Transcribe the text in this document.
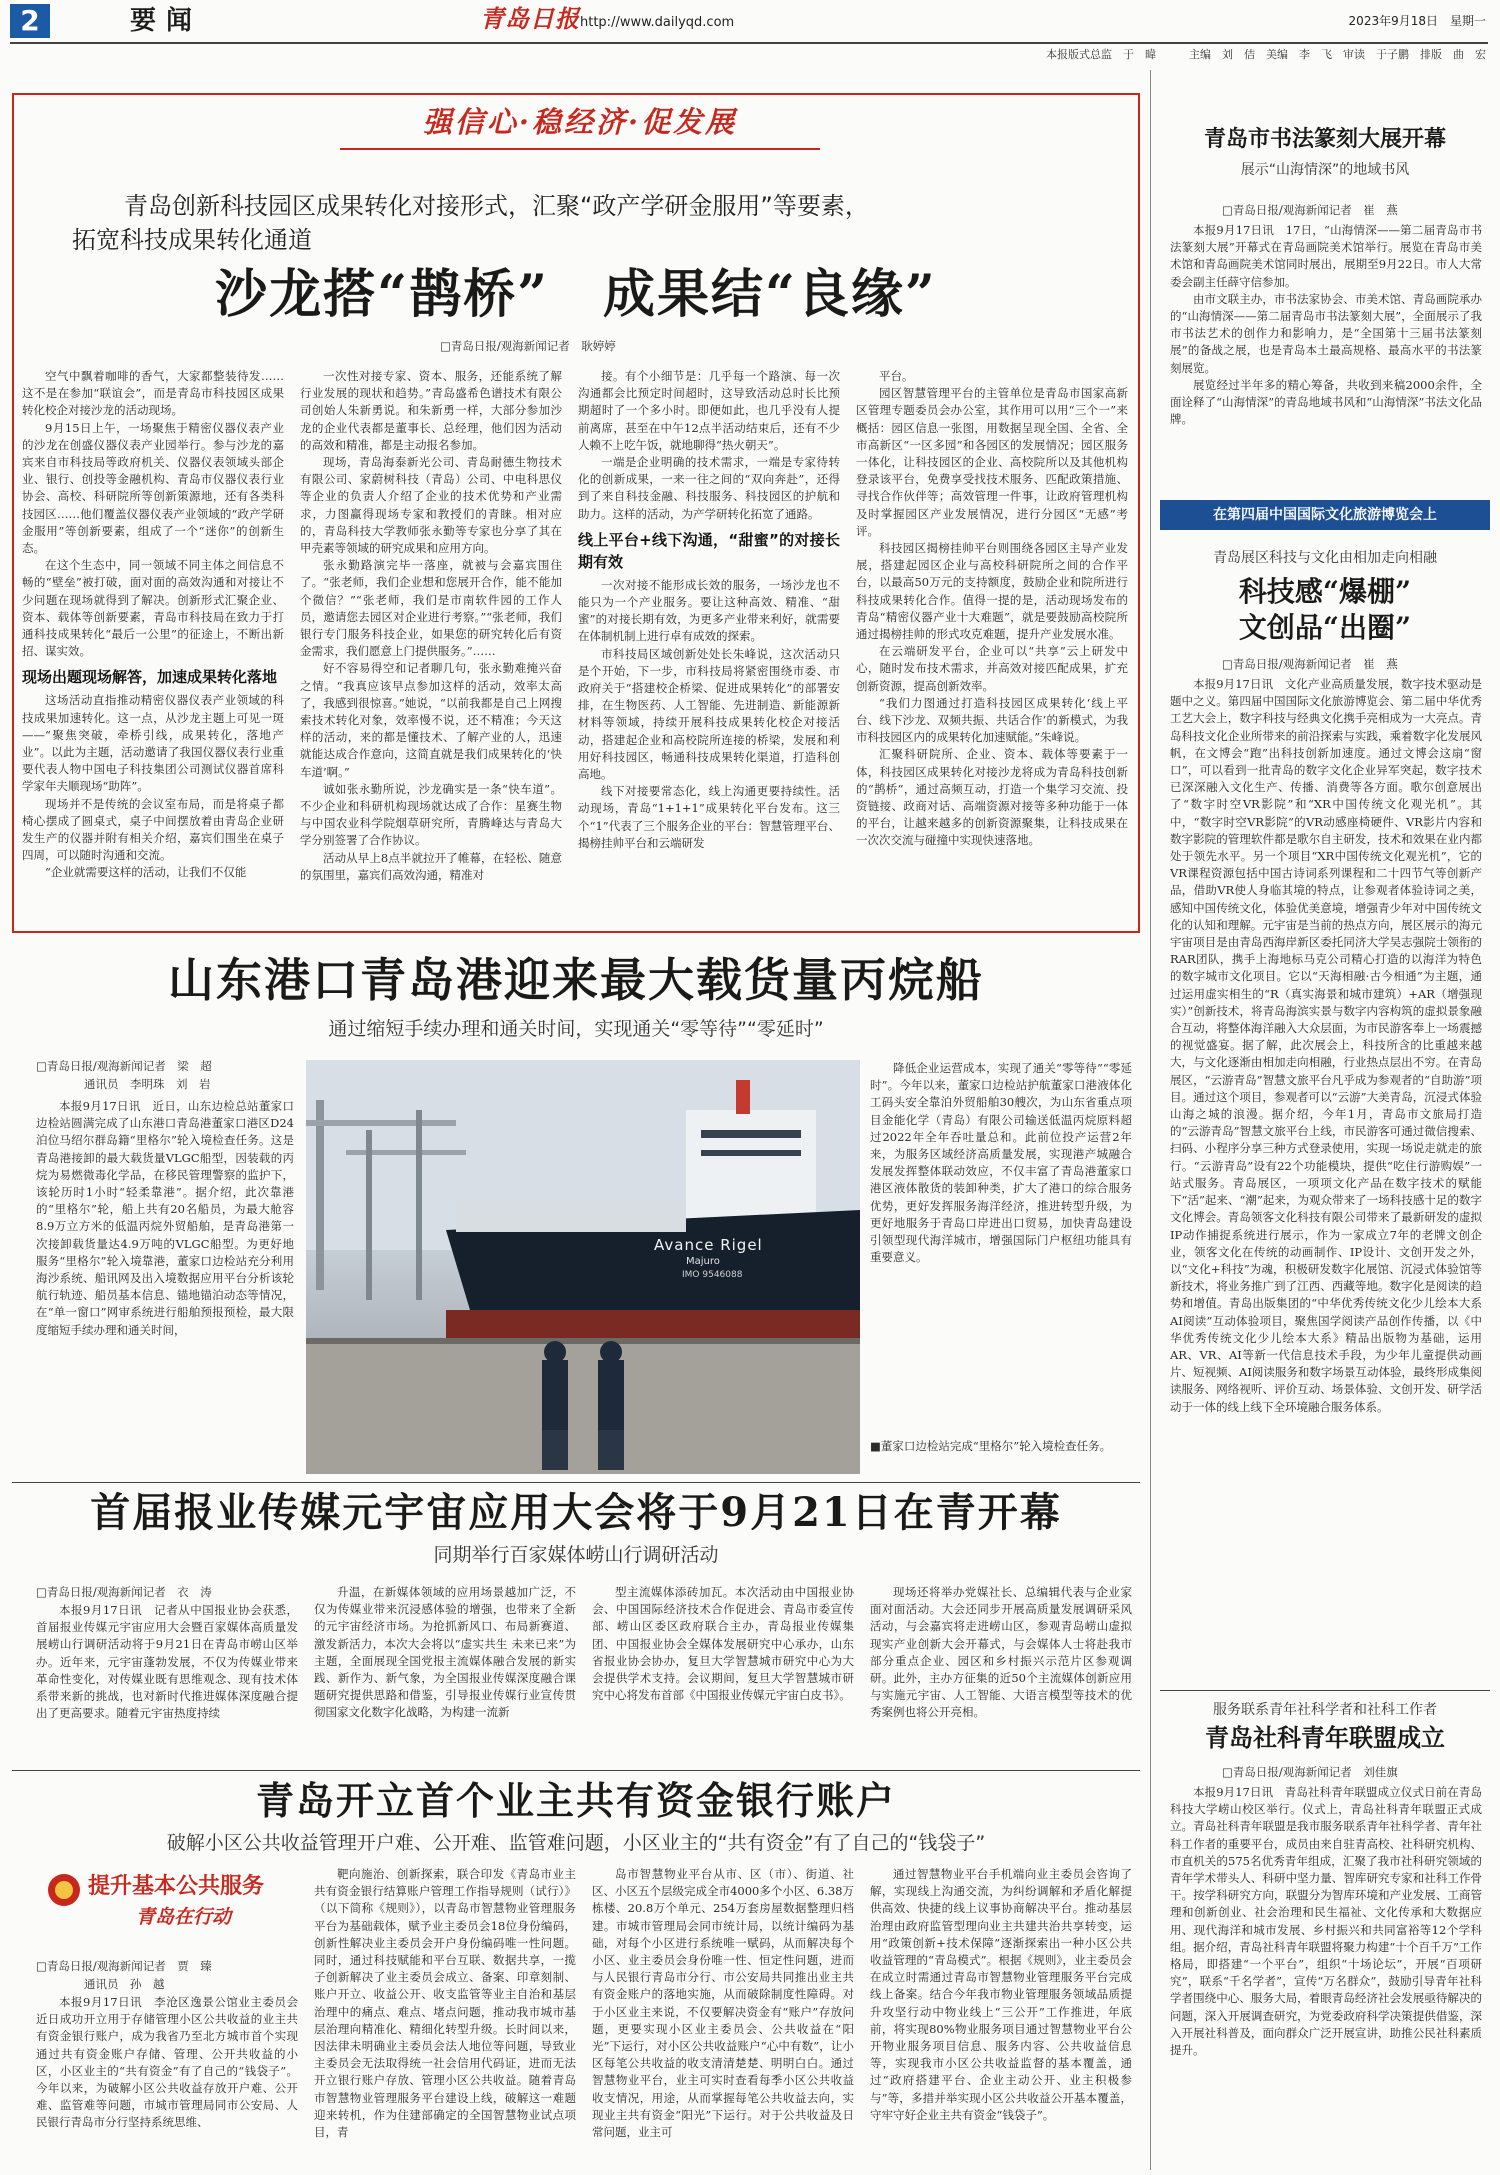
2	要闻	青岛日报 http://www.dailyqd.com	2023年9月18日　星期一
本报版式总监　于　暐　　　主编　刘　佶　美编　李　飞　审读　于子鹏　排版　曲　宏
强信心·稳经济·促发展
青岛创新科技园区成果转化对接形式，汇聚“政产学研金服用”等要素，
拓宽科技成果转化通道
沙龙搭“鹊桥”　成果结“良缘”
□青岛日报/观海新闻记者　耿婷婷

空气中飘着咖啡的香气，大家都整装待发……这不是在参加“联谊会”，而是青岛市科技园区成果转化校企对接沙龙的活动现场。

9月15日上午，一场聚焦于精密仪器仪表产业的沙龙在创盛仪器仪表产业园举行。参与沙龙的嘉宾来自市科技局等政府机关、仪器仪表领域头部企业、银行、创投等金融机构、青岛市仪器仪表行业协会、高校、科研院所等创新策源地，还有各类科技园区……他们覆盖仪器仪表产业领域的“政产学研金服用”等创新要素，组成了一个“迷你”的创新生态。

在这个生态中，同一领域不同主体之间信息不畅的“壁垒”被打破，面对面的高效沟通和对接让不少问题在现场就得到了解决。创新形式汇聚企业、资本、载体等创新要素，青岛市科技局在致力于打通科技成果转化“最后一公里”的征途上，不断出新招、谋实效。

现场出题现场解答，加速成果转化落地

这场活动直指推动精密仪器仪表产业领域的科技成果加速转化。这一点，从沙龙主题上可见一斑——“聚焦突破，牵桥引线，成果转化，落地产业”。以此为主题，活动邀请了我国仪器仪表行业重要代表人物中国电子科技集团公司测试仪器首席科学家年夫顺现场“助阵”。

现场并不是传统的会议室布局，而是将桌子都椅心摆成了圆桌式，桌子中间摆放着由青岛企业研发生产的仪器并附有相关介绍，嘉宾们围坐在桌子四周，可以随时沟通和交流。

“企业就需要这样的活动，让我们不仅能

一次性对接专家、资本、服务，还能系统了解行业发展的现状和趋势。”青岛盛希色谱技术有限公司创始人朱新勇说。和朱新勇一样，大部分参加沙龙的企业代表都是董事长、总经理，他们因为活动的高效和精准，都是主动报名参加。

现场，青岛海泰新光公司、青岛耐德生物技术有限公司、家蔚树科技（青岛）公司、中电科思仪等企业的负责人介绍了企业的技术优势和产业需求，力图赢得现场专家和教授们的青睐。相对应的，青岛科技大学教师张永勤等专家也分享了其在甲壳素等领域的研究成果和应用方向。

张永勤路演完毕一落座，就被与会嘉宾围住了。“张老师，我们企业想和您展开合作，能不能加个微信？”“张老师，我们是市南软件园的工作人员，邀请您去园区对企业进行考察。”“张老师，我们银行专门服务科技企业，如果您的研究转化后有资金需求，我们愿意上门提供服务。”……

好不容易得空和记者聊几句，张永勤难掩兴奋之情。“我真应该早点参加这样的活动，效率太高了，我感到很惊喜。”她说，“以前我都是自己上网搜索技术转化对象，效率慢不说，还不精准；今天这样的活动，来的都是懂技术、了解产业的人，迅速就能达成合作意向，这简直就是我们成果转化的‘快车道’啊。”

诚如张永勤所说，沙龙确实是一条“快车道”。不少企业和科研机构现场就达成了合作：星赛生物与中国农业科学院烟草研究所，青腾峰达与青岛大学分别签署了合作协议。

活动从早上8点半就拉开了帷幕，在轻松、随意的氛围里，嘉宾们高效沟通，精准对

接。有个小细节是：几乎每一个路演、每一次沟通都会比预定时间超时，这导致活动总时长比预期超时了一个多小时。即便如此，也几乎没有人提前离席，甚至在中午12点半活动结束后，还有不少人赖不上吃午饭，就地聊得“热火朝天”。

一端是企业明确的技术需求，一端是专家待转化的创新成果，一来一往之间的“双向奔赴”，还得到了来自科技金融、科技服务、科技园区的护航和助力。这样的活动，为产学研转化拓宽了通路。

线上平台+线下沟通，“甜蜜”的对接长期有效

一次对接不能形成长效的服务，一场沙龙也不能只为一个产业服务。要让这种高效、精准、“甜蜜”的对接长期有效，为更多产业带来利好，就需要在体制机制上进行卓有成效的探索。

市科技局区域创新处处长朱峰说，这次活动只是个开始，下一步，市科技局将紧密围绕市委、市政府关于“搭建校企桥梁、促进成果转化”的部署安排，在生物医药、人工智能、先进制造、新能源新材料等领域，持续开展科技成果转化校企对接活动，搭建起企业和高校院所连接的桥梁，发展和利用好科技园区，畅通科技成果转化渠道，打造科创高地。

线下对接要常态化，线上沟通更要持续性。活动现场，青岛“1+1+1”成果转化平台发布。这三个“1”代表了三个服务企业的平台：智慧管理平台、揭榜挂帅平台和云端研发

平台。

园区智慧管理平台的主管单位是青岛市国家高新区管理专题委员会办公室，其作用可以用“三个一”来概括：园区信息一张图，用数据呈现全国、全省、全市高新区“一区多园”和各园区的发展情况；园区服务一体化，让科技园区的企业、高校院所以及其他机构登录该平台，免费享受找技术服务、匹配政策措施、寻找合作伙伴等；高效管理一件事，让政府管理机构及时掌握园区产业发展情况，进行分园区“无感”考评。

科技园区揭榜挂帅平台则围绕各园区主导产业发展，搭建起园区企业与高校科研院所之间的合作平台，以最高50万元的支持额度，鼓励企业和院所进行科技成果转化合作。值得一提的是，活动现场发布的青岛“精密仪器产业十大难题”，就是要鼓励高校院所通过揭榜挂帅的形式攻克难题，提升产业发展水准。

在云端研发平台，企业可以“共享”云上研发中心，随时发布技术需求，并高效对接匹配成果，扩充创新资源，提高创新效率。

“我们力图通过打造科技园区成果转化‘线上平台、线下沙龙、双频共振、共话合作’的新模式，为我市科技园区内的成果转化加速赋能。”朱峰说。

汇聚科研院所、企业、资本、载体等要素于一体，科技园区成果转化对接沙龙将成为青岛科技创新的“鹊桥”，通过高频互动，打造一个集学习交流、投资链接、政商对话、高端资源对接等多种功能于一体的平台，让越来越多的创新资源聚集，让科技成果在一次次交流与碰撞中实现快速落地。

山东港口青岛港迎来最大载货量丙烷船
通过缩短手续办理和通关时间，实现通关“零等待”“零延时”
□青岛日报/观海新闻记者　梁　超
通讯员　李明珠　刘　岩

本报9月17日讯　近日，山东边检总站董家口边检站圆满完成了山东港口青岛港董家口港区D24泊位马绍尔群岛籍“里格尔”轮入境检查任务。这是青岛港接卸的最大载货量VLGC船型，因装载的丙烷为易燃微毒化学品，在移民管理警察的监护下，该轮历时1小时“轻柔靠港”。据介绍，此次靠港的“里格尔”轮，船上共有20名船员，为最大舱容8.9万立方米的低温丙烷外贸船舶，是青岛港第一次接卸载货量达4.9万吨的VLGC船型。为更好地服务“里格尔”轮入境靠港，董家口边检站充分利用海沙系统、船讯网及出入境数据应用平台分析该轮航行轨迹、船员基本信息、锚地锚泊动态等情况，在“单一窗口”网审系统进行船舶预报预检，最大限度缩短手续办理和通关时间，

Avance Rigel
Majuro
IMO 9546088

降低企业运营成本，实现了通关“零等待”“零延时”。今年以来，董家口边检站护航董家口港液体化工码头安全靠泊外贸船舶30艘次，为山东省重点项目金能化学（青岛）有限公司输送低温丙烷原料超过2022年全年吞吐量总和。此前位投产运营2年来，为服务区域经济高质量发展，实现港产城融合发展发挥整体联动效应，不仅丰富了青岛港董家口港区液体散货的装卸种类，扩大了港口的综合服务优势，更好发挥服务海洋经济，推进转型升级，为更好地服务于青岛口岸进出口贸易，加快青岛建设引领型现代海洋城市，增强国际门户枢纽功能具有重要意义。

■董家口边检站完成“里格尔”轮入境检查任务。
首届报业传媒元宇宙应用大会将于9月21日在青开幕
同期举行百家媒体崂山行调研活动
□青岛日报/观海新闻记者　衣　涛

本报9月17日讯　记者从中国报业协会获悉，首届报业传媒元宇宙应用大会暨百家媒体高质量发展崂山行调研活动将于9月21日在青岛市崂山区举办。近年来，元宇宙蓬勃发展，不仅为传媒业带来革命性变化，对传媒业既有思维观念、现有技术体系带来新的挑战，也对新时代推进媒体深度融合提出了更高要求。随着元宇宙热度持续

升温，在新媒体领域的应用场景越加广泛，不仅为传媒业带来沉浸感体验的增强，也带来了全新的元宇宙经济市场。为抢抓新风口、布局新赛道、激发新活力，本次大会将以“虚实共生 未来已来”为主题，全面展现全国党报主流媒体融合发展的新实践、新作为、新气象，为全国报业传媒深度融合课题研究提供思路和借鉴，引导报业传媒行业宣传贯彻国家文化数字化战略，为构建一流新

型主流媒体添砖加瓦。本次活动由中国报业协会、中国国际经济技术合作促进会、青岛市委宣传部、崂山区委区政府联合主办，青岛报业传媒集团、中国报业协会全媒体发展研究中心承办，山东省报业协会协办，复旦大学智慧城市研究中心为大会提供学术支持。会议期间，复旦大学智慧城市研究中心将发布首部《中国报业传媒元宇宙白皮书》。

现场还将举办党媒社长、总编辑代表与企业家面对面活动。大会还同步开展高质量发展调研采风活动，与会嘉宾将走进崂山区，参观青岛崂山虚拟现实产业创新大会开幕式，与会媒体人士将赴我市部分重点企业、园区和乡村振兴示范片区参观调研。此外，主办方征集的近50个主流媒体创新应用与实施元宇宙、人工智能、大语言模型等技术的优秀案例也将公开亮相。

青岛开立首个业主共有资金银行账户
破解小区公共收益管理开户难、公开难、监管难问题，小区业主的“共有资金”有了自己的“钱袋子”
提升基本公共服务
青岛在行动
□青岛日报/观海新闻记者　贾　臻
通讯员　孙　越

本报9月17日讯　李沧区逸景公馆业主委员会近日成功开立用于存储管理小区公共收益的业主共有资金银行账户，成为我省乃至北方城市首个实现通过共有资金账户存储、管理、公开共收益的小区，小区业主的“共有资金”有了自己的“钱袋子”。今年以来，为破解小区公共收益存放开户难、公开难、监管难等问题，市城市管理局同市公安局、人民银行青岛市分行坚持系统思维、

靶向施治、创新探索，联合印发《青岛市业主共有资金银行结算账户管理工作指导规则（试行）》（以下简称《规则》），以青岛市智慧物业管理服务平台为基础载体，赋予业主委员会18位身份编码，创新性解决业主委员会开户身份编码唯一性问题。同时，通过科技赋能和平台互联、数据共享，一揽子创新解决了业主委员会成立、备案、印章刻制、账户开立、收益公开、收支监管等业主自治和基层治理中的痛点、难点、堵点问题，推动我市城市基层治理向精准化、精细化转型升级。长时间以来，因法律未明确业主委员会法人地位等问题，导致业主委员会无法取得统一社会信用代码证，进而无法开立银行账户存放、管理小区公共收益。随着青岛市智慧物业管理服务平台建设上线，破解这一难题迎来转机，作为住建部确定的全国智慧物业试点项目，青

岛市智慧物业平台从市、区（市）、街道、社区、小区五个层级完成全市4000多个小区、6.38万栋楼、20.8万个单元、254万套房屋数据整理归档建。市城市管理局会同市统计局，以统计编码为基础，对每个小区进行系统唯一赋码，从而解决每个小区、业主委员会身份唯一性、恒定性问题，进而与人民银行青岛市分行、市公安局共同推出业主共有资金账户的落地实施，从而破除制度性障碍。对于小区业主来说，不仅要解决资金有“账户”存放问题，更要实现小区业主委员会、公共收益在“阳光”下运行，对小区公共收益账户“心中有数”，让小区每笔公共收益的收支清清楚楚、明明白白。通过智慧物业平台，业主可实时查看每季小区公共收益收支情况，用途，从而掌握每笔公共收益去向，实现业主共有资金“阳光”下运行。对于公共收益及日常问题，业主可

通过智慧物业平台手机端向业主委员会咨询了解，实现线上沟通交流，为纠纷调解和矛盾化解提供高效、快捷的线上议事协商解决平台。推动基层治理由政府监管型理向业主共建共治共享转变，运用“政策创新+技术保障”逐渐探索出一种小区公共收益管理的“青岛模式”。根据《规则》，业主委员会在成立时需通过青岛市智慧物业管理服务平台完成线上备案。结合今年我市物业管理服务领域品质提升攻坚行动中物业线上“三公开”工作推进，年底前，将实现80%物业服务项目通过智慧物业平台公开物业服务项目信息、服务内容、公共收益信息等，实现我市小区公共收益监督的基本覆盖，通过“政府搭建平台、企业主动公开、业主积极参与”等，多措并举实现小区公共收益公开基本覆盖，守牢守好企业主共有资金“钱袋子”。

青岛市书法篆刻大展开幕
展示“山海情深”的地域书风
□青岛日报/观海新闻记者　崔　燕

本报9月17日讯　17日，“山海情深——第二届青岛市书法篆刻大展”开幕式在青岛画院美术馆举行。展览在青岛市美术馆和青岛画院美术馆同时展出，展期至9月22日。市人大常委会副主任薛守信参加。

由市文联主办，市书法家协会、市美术馆、青岛画院承办的“山海情深——第二届青岛市书法篆刻大展”，全面展示了我市书法艺术的创作力和影响力，是“全国第十三届书法篆刻展”的备战之展，也是青岛本土最高规格、最高水平的书法篆刻展览。

展览经过半年多的精心筹备，共收到来稿2000余件，全面诠释了“山海情深”的青岛地域书风和“山海情深”书法文化品牌。

在第四届中国国际文化旅游博览会上
青岛展区科技与文化由相加走向相融
科技感“爆棚”
文创品“出圈”
□青岛日报/观海新闻记者　崔　燕

本报9月17日讯　文化产业高质量发展，数字技术驱动是题中之义。第四届中国国际文化旅游博览会、第二届中华优秀工艺大会上，数字科技与经典文化携手亮相成为一大亮点。青岛科技文化企业所带来的前沿探索与实践，乘着数字化发展风帆，在文博会“跑”出科技创新加速度。通过文博会这扇“窗口”，可以看到一批青岛的数字文化企业异军突起，数字技术已深深融入文化生产、传播、消费等各方面。歌尔创意展出了“数字时空VR影院”和“XR中国传统文化观光机”。其中，“数字时空VR影院”的VR动感座椅硬件、VR影片内容和数字影院的管理软件都是歌尔自主研发，技术和效果在业内都处于领先水平。另一个项目“XR中国传统文化观光机”，它的VR课程资源包括中国古诗词系列课程和二十四节气等创新产品，借助VR使人身临其境的特点，让参观者体验诗词之美，感知中国传统文化，体验优美意境，增强青少年对中国传统文化的认知和理解。元宇宙是当前的热点方向，展区展示的海元宇宙项目是由青岛西海岸新区委托同济大学吴志强院士领衔的RAR团队，携手上海地标马克公司精心打造的以海洋为特色的数字城市文化项目。它以“天海相融·古今相通”为主题，通过运用虚实相生的“R（真实海景和城市建筑）+AR（增强现实）”创新技术，将青岛海滨实景与数字内容构筑的虚拟景象融合互动，将整体海洋融入大众层面，为市民游客奉上一场震撼的视觉盛宴。据了解，此次展会上，科技所含的比重越来越大，与文化逐渐由相加走向相融，行业热点层出不穷。在青岛展区，“云游青岛”智慧文旅平台凡乎成为参观者的“自助游”项目。通过这个项目，参观者可以“云游”大美青岛，沉浸式体验山海之城的浪漫。据介绍，今年1月，青岛市文旅局打造的“云游青岛”智慧文旅平台上线，市民游客可通过微信搜索、扫码、小程序分享三种方式登录使用，实现一场说走就走的旅行。“云游青岛”设有22个功能模块，提供“吃住行游购娱”一站式服务。青岛展区，一项项文化产品在数字技术的赋能下“活”起来、“潮”起来，为观众带来了一场科技感十足的数字文化博会。青岛领客文化科技有限公司带来了最新研发的虚拟IP动作捕捉系统进行展示，作为一家成立7年的老牌文创企业，领客文化在传统的动画制作、IP设计、文创开发之外，以“文化+科技”为魂，积极研发数字化展馆、沉浸式体验馆等新技术，将业务推广到了江西、西藏等地。数字化是阅读的趋势和增值。青岛出版集团的“中华优秀传统文化少儿绘本大系AI阅读”互动体验项目，聚焦国学阅读产品创作传播，以《中华优秀传统文化少儿绘本大系》精品出版物为基础，运用AR、VR、AI等新一代信息技术手段，为少年儿童提供动画片、短视频、AI阅读服务和数字场景互动体验，最终形成集阅读服务、网络视听、评价互动、场景体验、文创开发、研学活动于一体的线上线下全环境融合服务体系。

服务联系青年社科学者和社科工作者
青岛社科青年联盟成立
□青岛日报/观海新闻记者　刘佳旗

本报9月17日讯　青岛社科青年联盟成立仪式日前在青岛科技大学崂山校区举行。仪式上，青岛社科青年联盟正式成立。青岛社科青年联盟是我市服务联系青年社科学者、青年社科工作者的重要平台，成员由来自驻青高校、社科研究机构、市直机关的575名优秀青年组成，汇聚了我市社科研究领域的青年学术带头人、科研中坚力量、智库研究专家和社科工作骨干。按学科研究方向，联盟分为智库环境和产业发展、工商管理和创新创业、社会治理和民生福祉、文化传承和大数据应用、现代海洋和城市发展、乡村振兴和共同富裕等12个学科组。据介绍，青岛社科青年联盟将聚力构建“十个百千万”工作格局，即搭建“一个平台”，组织“十场论坛”，开展“百项研究”，联系“千名学者”，宣传“万名群众”，鼓励引导青年社科学者围绕中心、服务大局，着眼青岛经济社会发展亟待解决的问题，深入开展调查研究，为党委政府科学决策提供借鉴，深入开展社科普及，面向群众广泛开展宣讲，助推公民社科素质提升。
